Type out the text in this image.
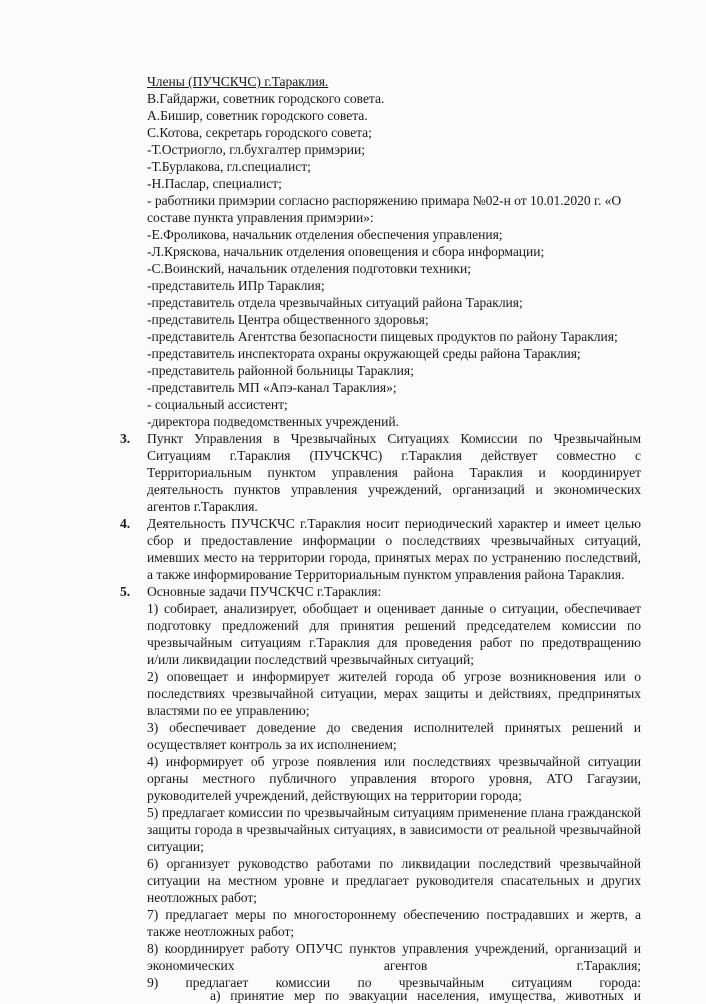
Члены (ПУЧСКЧС) г.Тараклия.
В.Гайдаржи, советник городского совета.
А.Бишир, советник городского совета.
С.Котова, секретарь городского совета;
-Т.Остриогло, гл.бухгалтер примэрии;
-Т.Бурлакова, гл.специалист;
-Н.Паслар, специалист;
- работники примэрии согласно распоряжению примара №02-н от 10.01.2020 г. «О
составе пункта управления примэрии»:
-Е.Фроликова, начальник отделения обеспечения управления;
-Л.Кряскова, начальник отделения оповещения и сбора информации;
-С.Воинский, начальник отделения подготовки техники;
-представитель ИПр Тараклия;
-представитель отдела чрезвычайных ситуаций района Тараклия;
-представитель Центра общественного здоровья;
-представитель Агентства безопасности пищевых продуктов по району Тараклия;
-представитель инспектората охраны окружающей среды района Тараклия;
-представитель районной больницы Тараклия;
-представитель МП «Апэ-канал Тараклия»;
- социальный ассистент;
-директора подведомственных учреждений.
3. Пункт Управления в Чрезвычайных Ситуациях Комиссии по Чрезвычайным
Ситуациям г.Тараклия (ПУЧСКЧС) г.Тараклия действует совместно с
Территориальным пунктом управления района Тараклия и координирует
деятельность пунктов управления учреждений, организаций и экономических
агентов г.Тараклия.
4. Деятельность ПУЧСКЧС г.Тараклия носит периодический характер и имеет целью
сбор и предоставление информации о последствиях чрезвычайных ситуаций,
имевших место на территории города, принятых мерах по устранению последствий,
а также информирование Территориальным пунктом управления района Тараклия.
5. Основные задачи ПУЧСКЧС г.Тараклия:
1) собирает, анализирует, обобщает и оценивает данные о ситуации, обеспечивает
подготовку предложений для принятия решений председателем комиссии по
чрезвычайным ситуациям г.Тараклия для проведения работ по предотвращению
и/или ликвидации последствий чрезвычайных ситуаций;
2) оповещает и информирует жителей города об угрозе возникновения или о
последствиях чрезвычайной ситуации, мерах защиты и действиях, предпринятых
властями по ее управлению;
3) обеспечивает доведение до сведения исполнителей принятых решений и
осуществляет контроль за их исполнением;
4) информирует об угрозе появления или последствиях чрезвычайной ситуации
органы местного публичного управления второго уровня, АТО Гагаузии,
руководителей учреждений, действующих на территории города;
5) предлагает комиссии по чрезвычайным ситуациям применение плана гражданской
защиты города в чрезвычайных ситуациях, в зависимости от реальной чрезвычайной
ситуации;
6) организует руководство работами по ликвидации последствий чрезвычайной
ситуации на местном уровне и предлагает руководителя спасательных и других
неотложных работ;
7) предлагает меры по многостороннему обеспечению пострадавших и жертв, а
также неотложных работ;
8) координирует работу ОПУЧС пунктов управления учреждений, организаций и
экономических агентов г.Тараклия;
9) предлагает комиссии по чрезвычайным ситуациям города:
а) принятие мер по эвакуации населения, имущества, животных и
